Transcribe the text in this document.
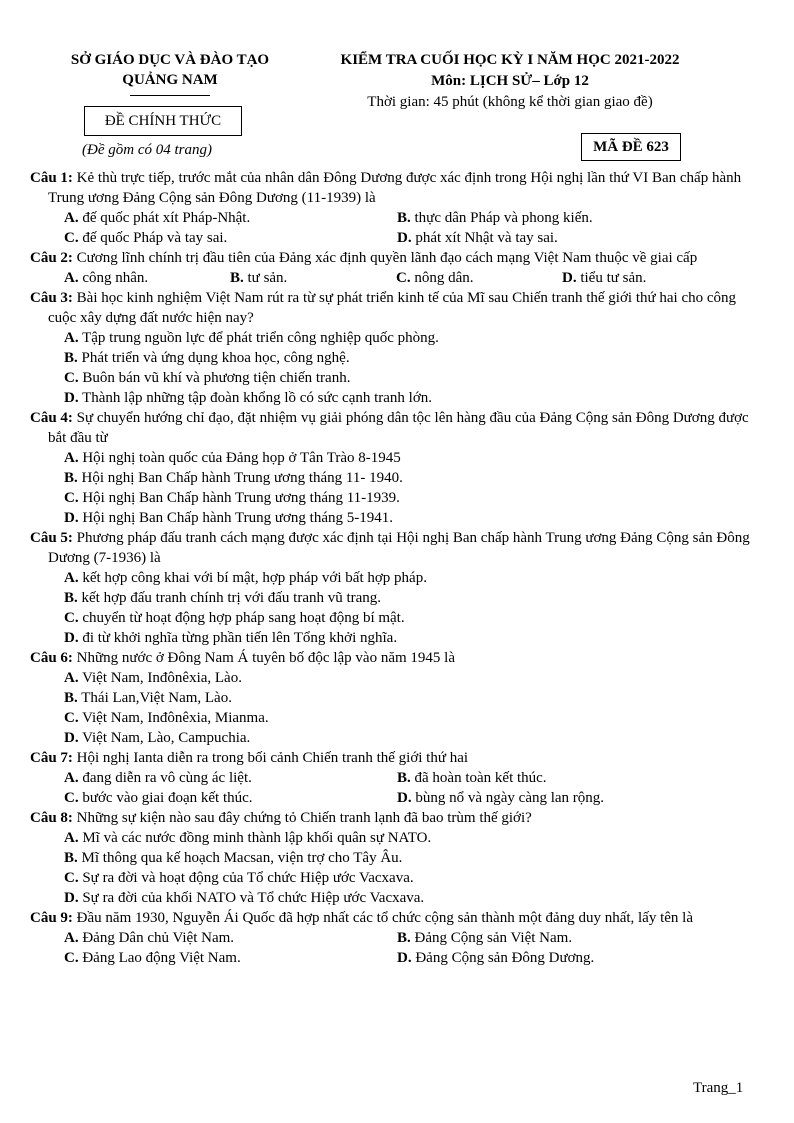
SỞ GIÁO DỤC VÀ ĐÀO TẠO
QUẢNG NAM
ĐỀ CHÍNH THỨC
(Đề gồm có 04 trang)
KIỂM TRA CUỐI HỌC KỲ I NĂM HỌC 2021-2022
Môn: LỊCH SỬ– Lớp 12
Thời gian: 45 phút (không kể thời gian giao đề)
MÃ ĐỀ 623
Câu 1: Kẻ thù trực tiếp, trước mắt của nhân dân Đông Dương được xác định trong Hội nghị lần thứ VI Ban chấp hành Trung ương Đảng Cộng sản Đông Dương (11-1939) là
A. đế quốc phát xít Pháp-Nhật.	B. thực dân Pháp và phong kiến.
C. đế quốc Pháp và tay sai.	D. phát xít Nhật và tay sai.
Câu 2: Cương lĩnh chính trị đầu tiên của Đảng xác định quyền lãnh đạo cách mạng Việt Nam thuộc về giai cấp
A. công nhân.	B. tư sản.	C. nông dân.	D. tiểu tư sản.
Câu 3: Bài học kinh nghiệm Việt Nam rút ra từ sự phát triển kinh tế của Mĩ sau Chiến tranh thế giới thứ hai cho công cuộc xây dựng đất nước hiện nay?
A. Tập trung nguồn lực để phát triển công nghiệp quốc phòng.
B. Phát triển và ứng dụng khoa học, công nghệ.
C. Buôn bán vũ khí và phương tiện chiến tranh.
D. Thành lập những tập đoàn khổng lồ có sức cạnh tranh lớn.
Câu 4: Sự chuyển hướng chỉ đạo, đặt nhiệm vụ giải phóng dân tộc lên hàng đầu của Đảng Cộng sản Đông Dương được bắt đầu từ
A. Hội nghị toàn quốc của Đảng họp ở Tân Trào 8-1945
B. Hội nghị Ban Chấp hành Trung ương tháng 11- 1940.
C. Hội nghị Ban Chấp hành Trung ương tháng 11-1939.
D. Hội nghị Ban Chấp hành Trung ương tháng 5-1941.
Câu 5: Phương pháp đấu tranh cách mạng được xác định tại Hội nghị Ban chấp hành Trung ương Đảng Cộng sản Đông Dương (7-1936) là
A. kết hợp công khai với bí mật, hợp pháp với bất hợp pháp.
B. kết hợp đấu tranh chính trị với đấu tranh vũ trang.
C. chuyển từ hoạt động hợp pháp sang hoạt động bí mật.
D. đi từ khởi nghĩa từng phần tiến lên Tổng khởi nghĩa.
Câu 6: Những nước ở Đông Nam Á tuyên bố độc lập vào năm 1945 là
A. Việt Nam, Inđônêxia, Lào.
B. Thái Lan,Việt Nam, Lào.
C. Việt Nam, Inđônêxia, Mianma.
D. Việt Nam, Lào, Campuchia.
Câu 7: Hội nghị Ianta diễn ra trong bối cảnh Chiến tranh thế giới thứ hai
A. đang diễn ra vô cùng ác liệt.	B. đã hoàn toàn kết thúc.
C. bước vào giai đoạn kết thúc.	D. bùng nổ và ngày càng lan rộng.
Câu 8: Những sự kiện nào sau đây chứng tỏ Chiến tranh lạnh đã bao trùm thế giới?
A. Mĩ và các nước đồng minh thành lập khối quân sự NATO.
B. Mĩ thông qua kế hoạch Macsan, viện trợ cho Tây Âu.
C. Sự ra đời và hoạt động của Tổ chức Hiệp ước Vacxava.
D. Sự ra đời của khối NATO và Tổ chức Hiệp ước Vacxava.
Câu 9: Đầu năm 1930, Nguyễn Ái Quốc đã hợp nhất các tổ chức cộng sản thành một đảng duy nhất, lấy tên là
A. Đảng Dân chủ Việt Nam.	B. Đảng Cộng sản Việt Nam.
C. Đảng Lao động Việt Nam.	D. Đảng Cộng sản Đông Dương.
Trang_1
